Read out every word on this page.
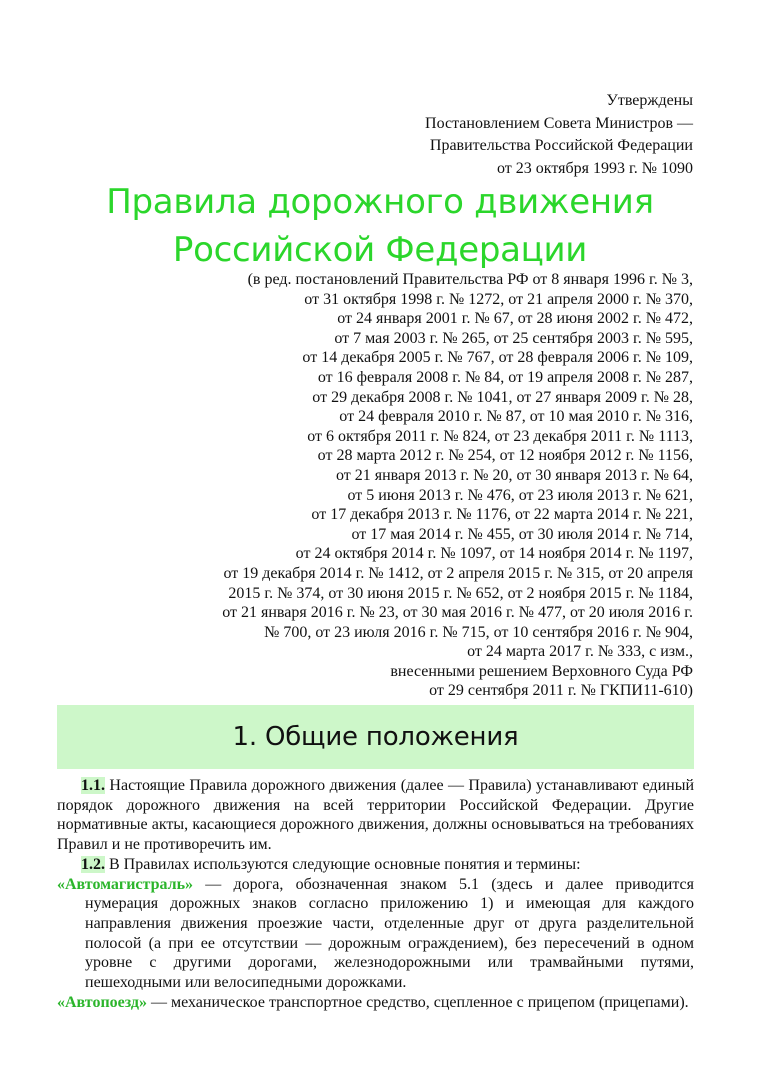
Утверждены
Постановлением Совета Министров —
Правительства Российской Федерации
от 23 октября 1993 г. № 1090
Правила дорожного движения
Российской Федерации
(в ред. постановлений Правительства РФ от 8 января 1996 г. № 3,
от 31 октября 1998 г. № 1272, от 21 апреля 2000 г. № 370,
от 24 января 2001 г. № 67, от 28 июня 2002 г. № 472,
от 7 мая 2003 г. № 265, от 25 сентября 2003 г. № 595,
от 14 декабря 2005 г. № 767, от 28 февраля 2006 г. № 109,
от 16 февраля 2008 г. № 84, от 19 апреля 2008 г. № 287,
от 29 декабря 2008 г. № 1041, от 27 января 2009 г. № 28,
от 24 февраля 2010 г. № 87, от 10 мая 2010 г. № 316,
от 6 октября 2011 г. № 824, от 23 декабря 2011 г. № 1113,
от 28 марта 2012 г. № 254, от 12 ноября 2012 г. № 1156,
от 21 января 2013 г. № 20, от 30 января 2013 г. № 64,
от 5 июня 2013 г. № 476, от 23 июля 2013 г. № 621,
от 17 декабря 2013 г. № 1176, от 22 марта 2014 г. № 221,
от 17 мая 2014 г. № 455, от 30 июля 2014 г. № 714,
от 24 октября 2014 г. № 1097, от 14 ноября 2014 г. № 1197,
от 19 декабря 2014 г. № 1412, от 2 апреля 2015 г. № 315, от 20 апреля
2015 г. № 374, от 30 июня 2015 г. № 652, от 2 ноября 2015 г. № 1184,
от 21 января 2016 г. № 23, от 30 мая 2016 г. № 477, от 20 июля 2016 г.
№ 700, от 23 июля 2016 г. № 715, от 10 сентября 2016 г. № 904,
от 24 марта 2017 г. № 333, с изм.,
внесенными решением Верховного Суда РФ
от 29 сентября 2011 г. № ГКПИ11-610)
1. Общие положения

1.1. Настоящие Правила дорожного движения (далее — Правила) устанавливают единый порядок дорожного движения на всей территории Российской Федерации. Другие нормативные акты, касающиеся дорожного движения, должны основываться на требованиях Правил и не противоречить им.

1.2. В Правилах используются следующие основные понятия и термины:

«Автомагистраль» — дорога, обозначенная знаком 5.1 (здесь и далее приводится нумерация дорожных знаков согласно приложению 1) и имеющая для каждого направления движения проезжие части, отделенные друг от друга разделительной полосой (а при ее отсутствии — дорожным ограждением), без пересечений в одном уровне с другими дорогами, железнодорожными или трамвайными путями, пешеходными или велосипедными дорожками.

«Автопоезд» — механическое транспортное средство, сцепленное с прицепом (прицепами).
